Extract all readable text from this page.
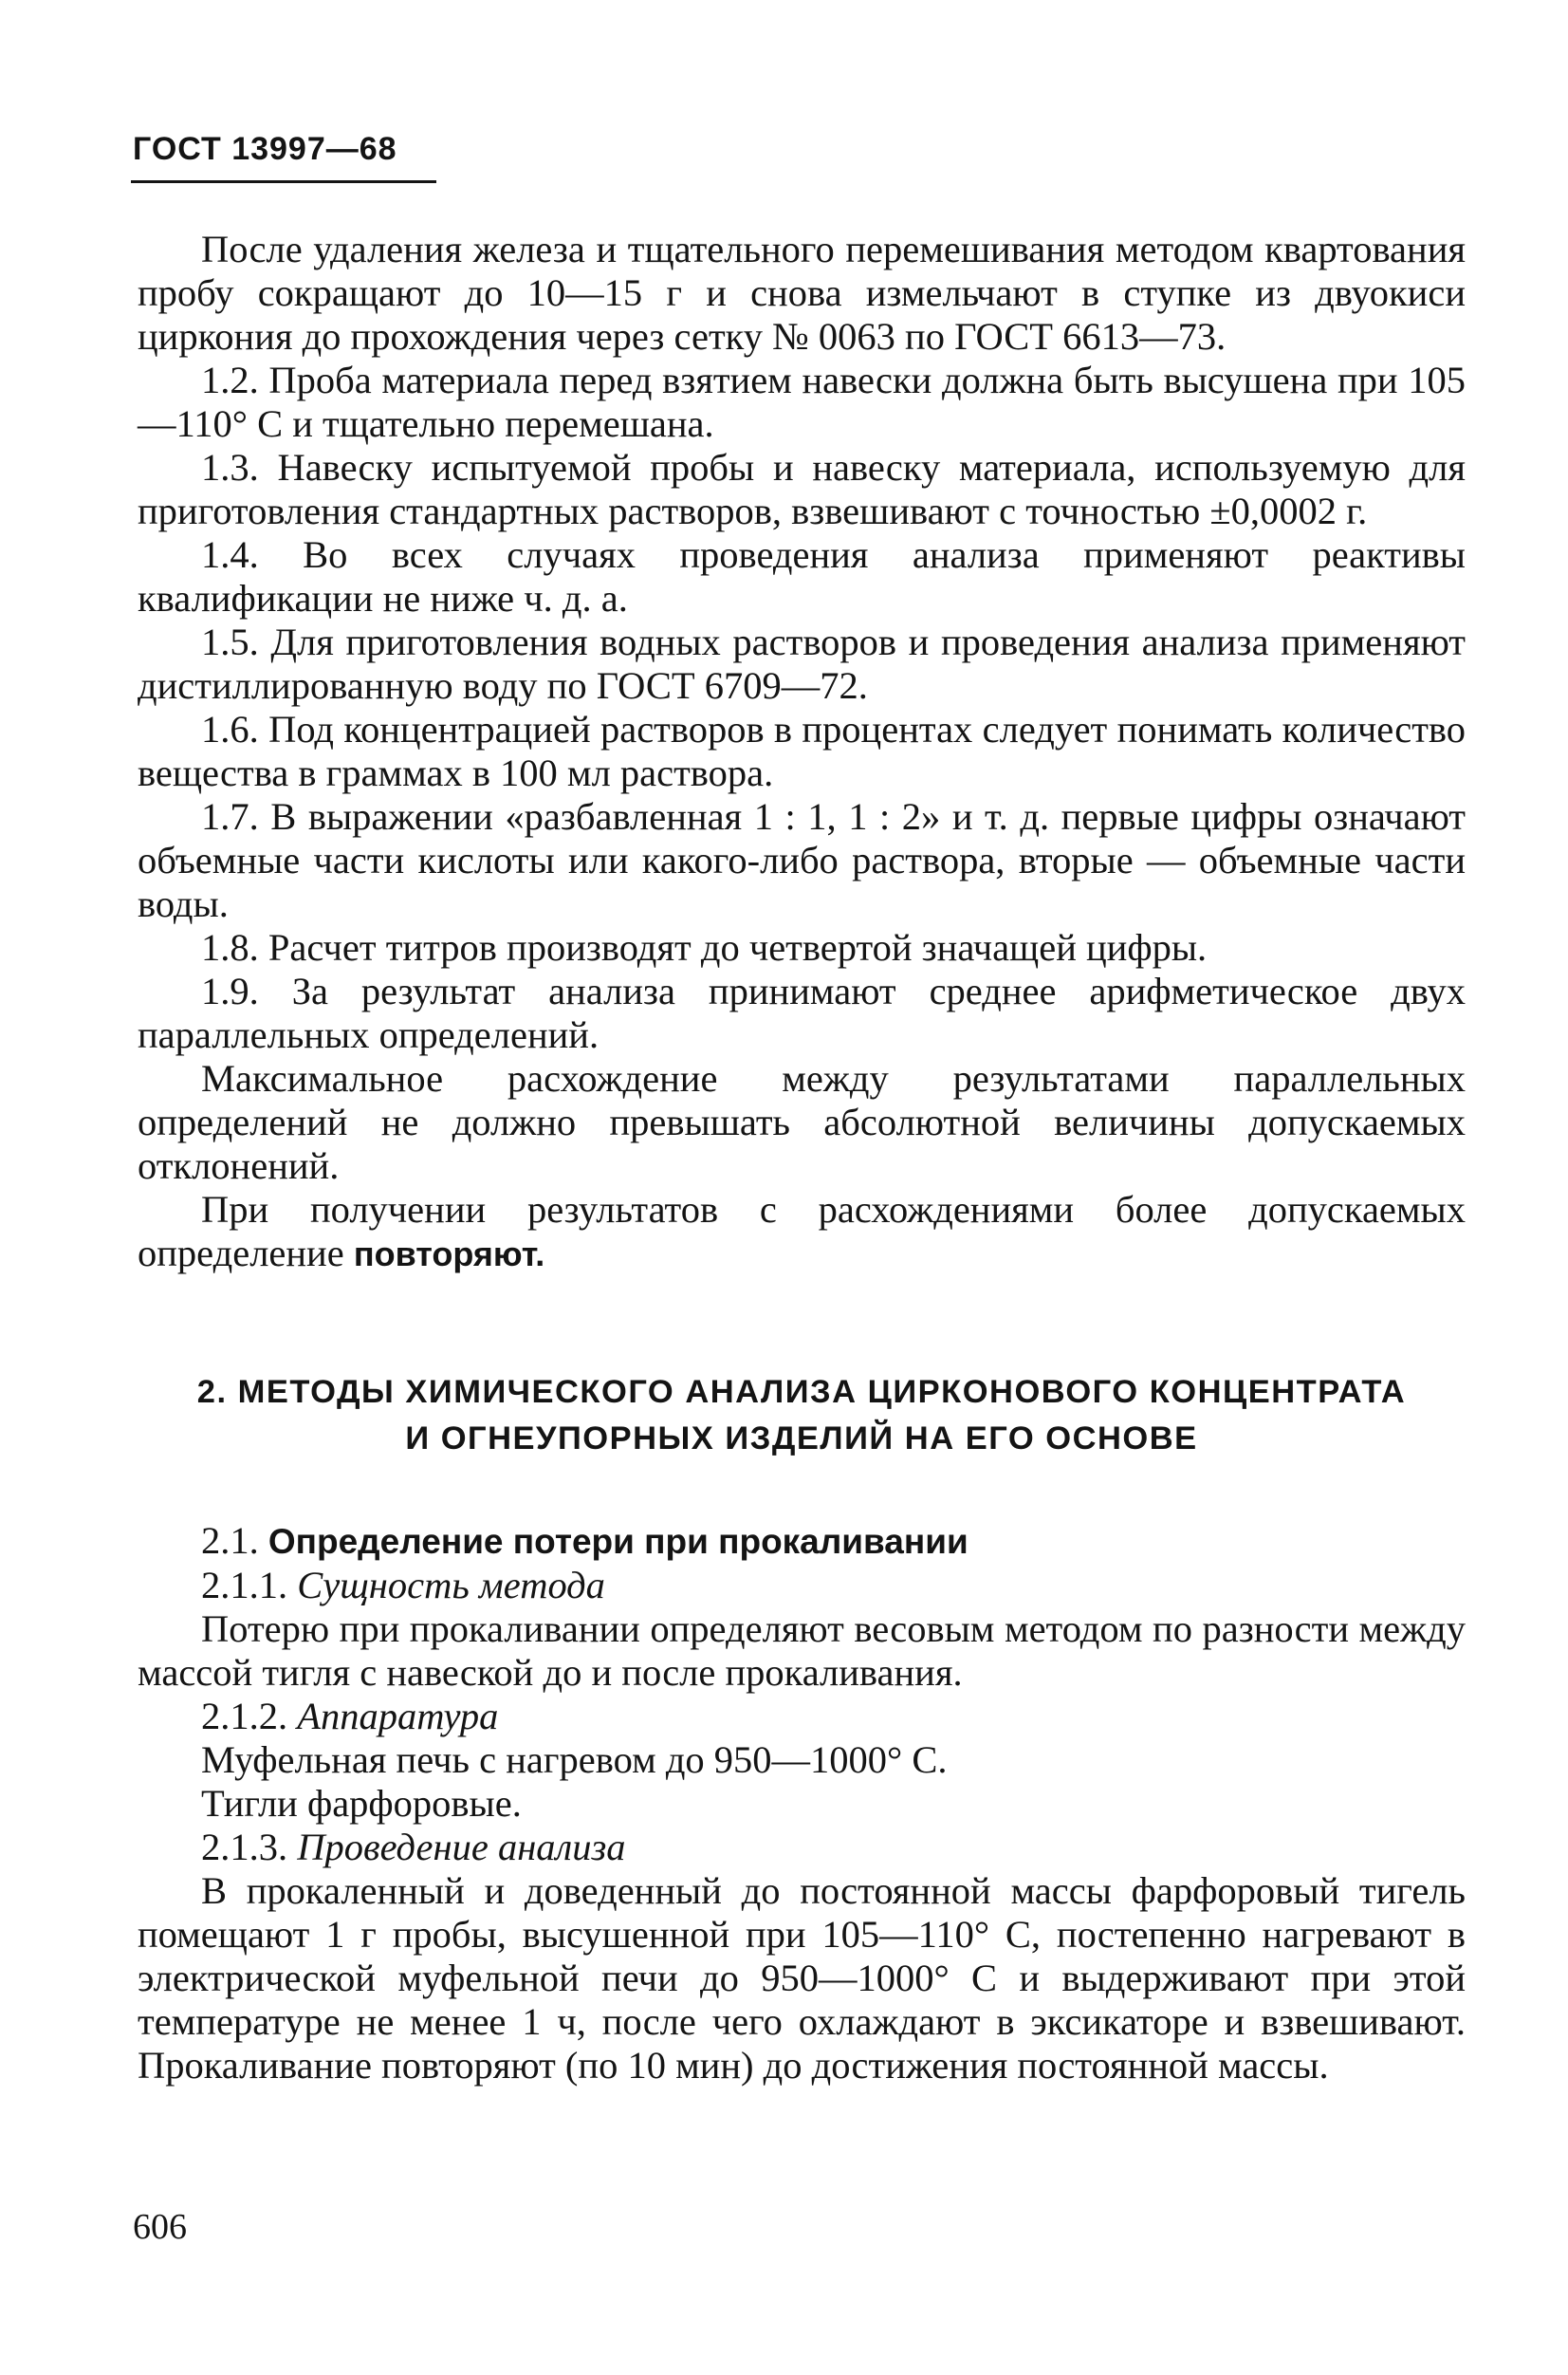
ГОСТ 13997—68

После удаления железа и тщательного перемешивания методом квартования пробу сокращают до 10—15 г и снова измельчают в ступке из двуокиси циркония до прохождения через сетку № 0063 по ГОСТ 6613—73.

1.2. Проба материала перед взятием навески должна быть высушена при 105—110° С и тщательно перемешана.

1.3. Навеску испытуемой пробы и навеску материала, используемую для приготовления стандартных растворов, взвешивают с точностью ±0,0002 г.

1.4. Во всех случаях проведения анализа применяют реактивы квалификации не ниже ч. д. а.

1.5. Для приготовления водных растворов и проведения анализа применяют дистиллированную воду по ГОСТ 6709—72.

1.6. Под концентрацией растворов в процентах следует понимать количество вещества в граммах в 100 мл раствора.

1.7. В выражении «разбавленная 1 : 1, 1 : 2» и т. д. первые цифры означают объемные части кислоты или какого-либо раствора, вторые — объемные части воды.

1.8. Расчет титров производят до четвертой значащей цифры.

1.9. За результат анализа принимают среднее арифметическое двух параллельных определений.

Максимальное расхождение между результатами параллельных определений не должно превышать абсолютной величины допускаемых отклонений.

При получении результатов с расхождениями более допускаемых определение повторяют.

2. МЕТОДЫ ХИМИЧЕСКОГО АНАЛИЗА ЦИРКОНОВОГО КОНЦЕНТРАТА
И ОГНЕУПОРНЫХ ИЗДЕЛИЙ НА ЕГО ОСНОВЕ

2.1. Определение потери при прокаливании

2.1.1. Сущность метода

Потерю при прокаливании определяют весовым методом по разности между массой тигля с навеской до и после прокаливания.

2.1.2. Аппаратура

Муфельная печь с нагревом до 950—1000° С.

Тигли фарфоровые.

2.1.3. Проведение анализа

В прокаленный и доведенный до постоянной массы фарфоровый тигель помещают 1 г пробы, высушенной при 105—110° С, постепенно нагревают в электрической муфельной печи до 950—1000° С и выдерживают при этой температуре не менее 1 ч, после чего охлаждают в эксикаторе и взвешивают. Прокаливание повторяют (по 10 мин) до достижения постоянной массы.

606
